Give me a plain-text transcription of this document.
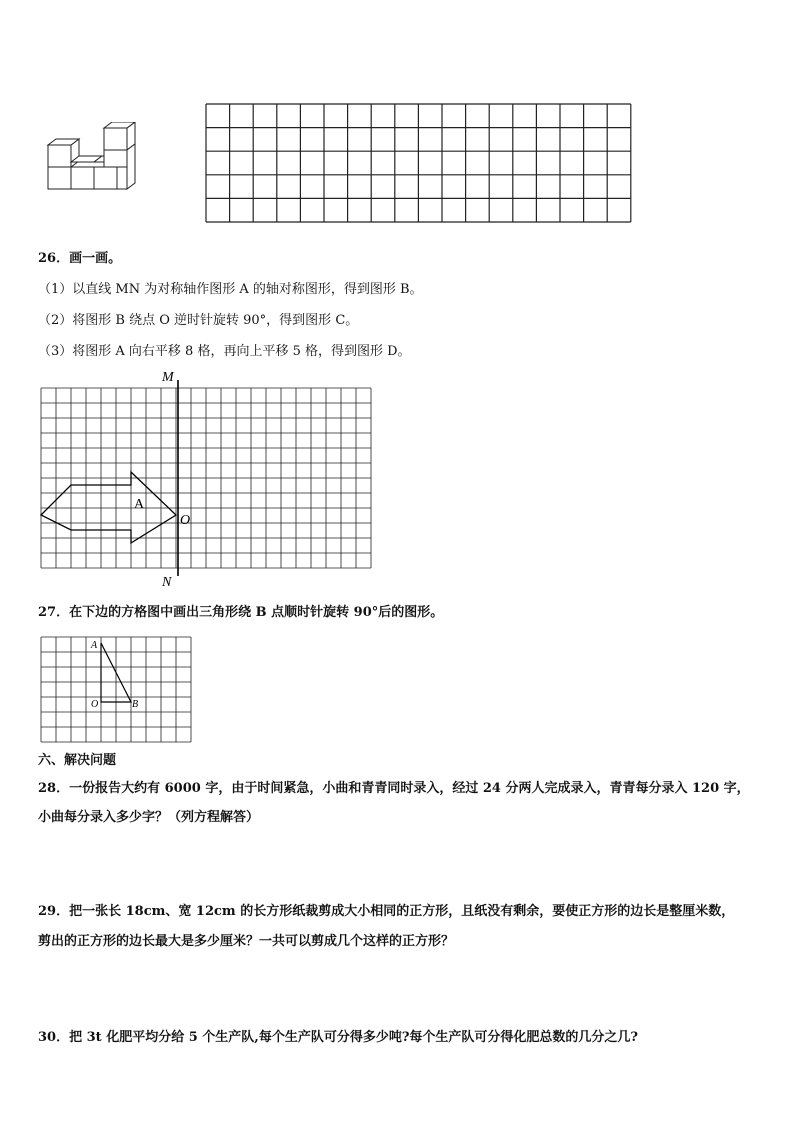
26．画一画。
（1）以直线 MN 为对称轴作图形 A 的轴对称图形，得到图形 B。
（2）将图形 B 绕点 O 逆时针旋转 90°，得到图形 C。
（3）将图形 A 向右平移 8 格，再向上平移 5 格，得到图形 D。
M
N
O
A
27．在下边的方格图中画出三角形绕 B 点顺时针旋转 90°后的图形。
A
O	B
六、解决问题
28．一份报告大约有 6000 字，由于时间紧急，小曲和青青同时录入，经过 24 分两人完成录入，青青每分录入 120 字，
小曲每分录入多少字？（列方程解答）
29．把一张长 18cm、宽 12cm 的长方形纸裁剪成大小相同的正方形，且纸没有剩余，要使正方形的边长是整厘米数，
剪出的正方形的边长最大是多少厘米？一共可以剪成几个这样的正方形？
30．把 3t 化肥平均分给 5 个生产队,每个生产队可分得多少吨?每个生产队可分得化肥总数的几分之几?
